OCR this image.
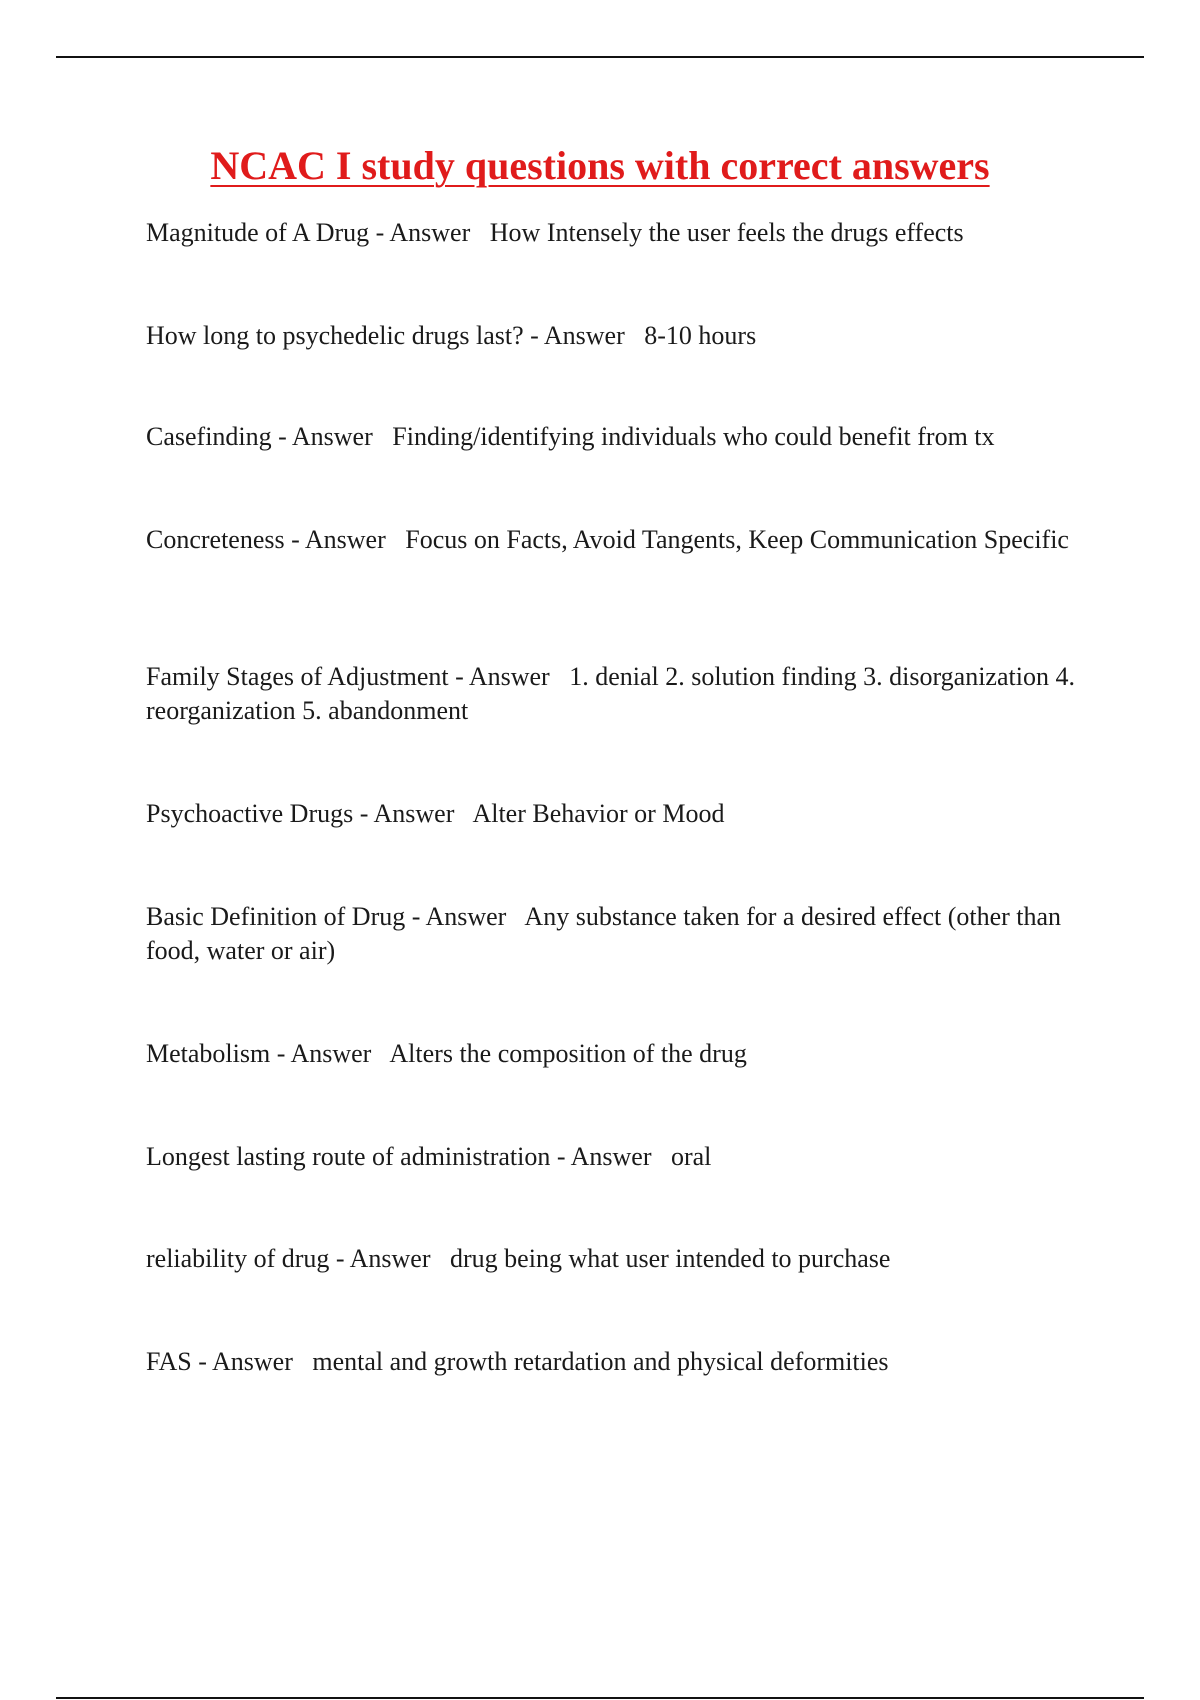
NCAC I study questions with correct answers

Magnitude of A Drug - Answer How Intensely the user feels the drugs effects

How long to psychedelic drugs last? - Answer 8-10 hours

Casefinding - Answer Finding/identifying individuals who could benefit from tx

Concreteness - Answer Focus on Facts, Avoid Tangents, Keep Communication Specific

Family Stages of Adjustment - Answer 1. denial 2. solution finding 3. disorganization 4. reorganization 5. abandonment

Psychoactive Drugs - Answer Alter Behavior or Mood

Basic Definition of Drug - Answer Any substance taken for a desired effect (other than food, water or air)

Metabolism - Answer Alters the composition of the drug

Longest lasting route of administration - Answer oral

reliability of drug - Answer drug being what user intended to purchase

FAS - Answer mental and growth retardation and physical deformities
